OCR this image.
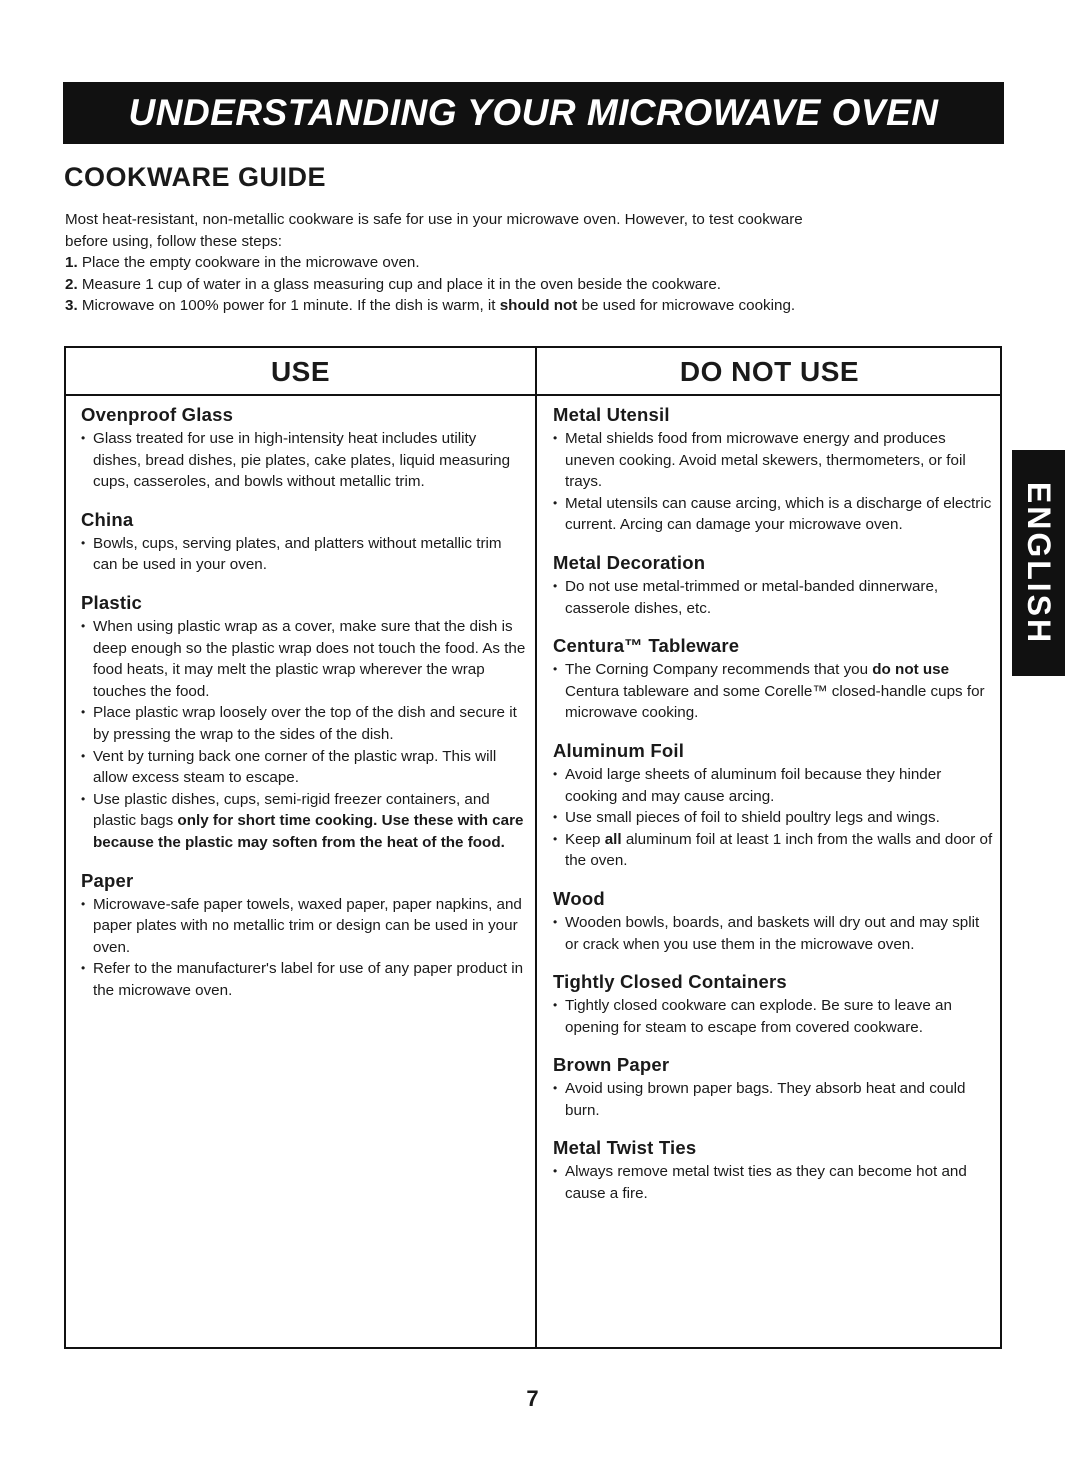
UNDERSTANDING YOUR MICROWAVE OVEN
COOKWARE GUIDE

Most heat-resistant, non-metallic cookware is safe for use in your microwave oven. However, to test cookware

before using, follow these steps:

1. Place the empty cookware in the microwave oven.

2. Measure 1 cup of water in a glass measuring cup and place it in the oven beside the cookware.

3. Microwave on 100% power for 1 minute. If the dish is warm, it should not be used for microwave cooking.

USE	DO NOT USE
Ovenproof Glass
• Glass treated for use in high-intensity heat includes utility dishes, bread dishes, pie plates, cake plates, liquid measuring cups, casseroles, and bowls without metallic trim.
China
• Bowls, cups, serving plates, and platters without metallic trim can be used in your oven.
Plastic
• When using plastic wrap as a cover, make sure that the dish is deep enough so the plastic wrap does not touch the food. As the food heats, it may melt the plastic wrap wherever the wrap touches the food.
• Place plastic wrap loosely over the top of the dish and secure it by pressing the wrap to the sides of the dish.
• Vent by turning back one corner of the plastic wrap. This will allow excess steam to escape.
• Use plastic dishes, cups, semi-rigid freezer containers, and plastic bags only for short time cooking. Use these with care because the plastic may soften from the heat of the food.
Paper
• Microwave-safe paper towels, waxed paper, paper napkins, and paper plates with no metallic trim or design can be used in your oven.
• Refer to the manufacturer's label for use of any paper product in the microwave oven.
Metal Utensil
• Metal shields food from microwave energy and produces uneven cooking. Avoid metal skewers, thermometers, or foil trays.
• Metal utensils can cause arcing, which is a discharge of electric current. Arcing can damage your microwave oven.
Metal Decoration
• Do not use metal-trimmed or metal-banded dinnerware, casserole dishes, etc.
Centura™ Tableware
• The Corning Company recommends that you do not use Centura tableware and some Corelle™ closed-handle cups for microwave cooking.
Aluminum Foil
• Avoid large sheets of aluminum foil because they hinder cooking and may cause arcing.
• Use small pieces of foil to shield poultry legs and wings.
• Keep all aluminum foil at least 1 inch from the walls and door of the oven.
Wood
• Wooden bowls, boards, and baskets will dry out and may split or crack when you use them in the microwave oven.
Tightly Closed Containers
• Tightly closed cookware can explode. Be sure to leave an opening for steam to escape from covered cookware.
Brown Paper
• Avoid using brown paper bags. They absorb heat and could burn.
Metal Twist Ties
• Always remove metal twist ties as they can become hot and cause a fire.
ENGLISH
7
